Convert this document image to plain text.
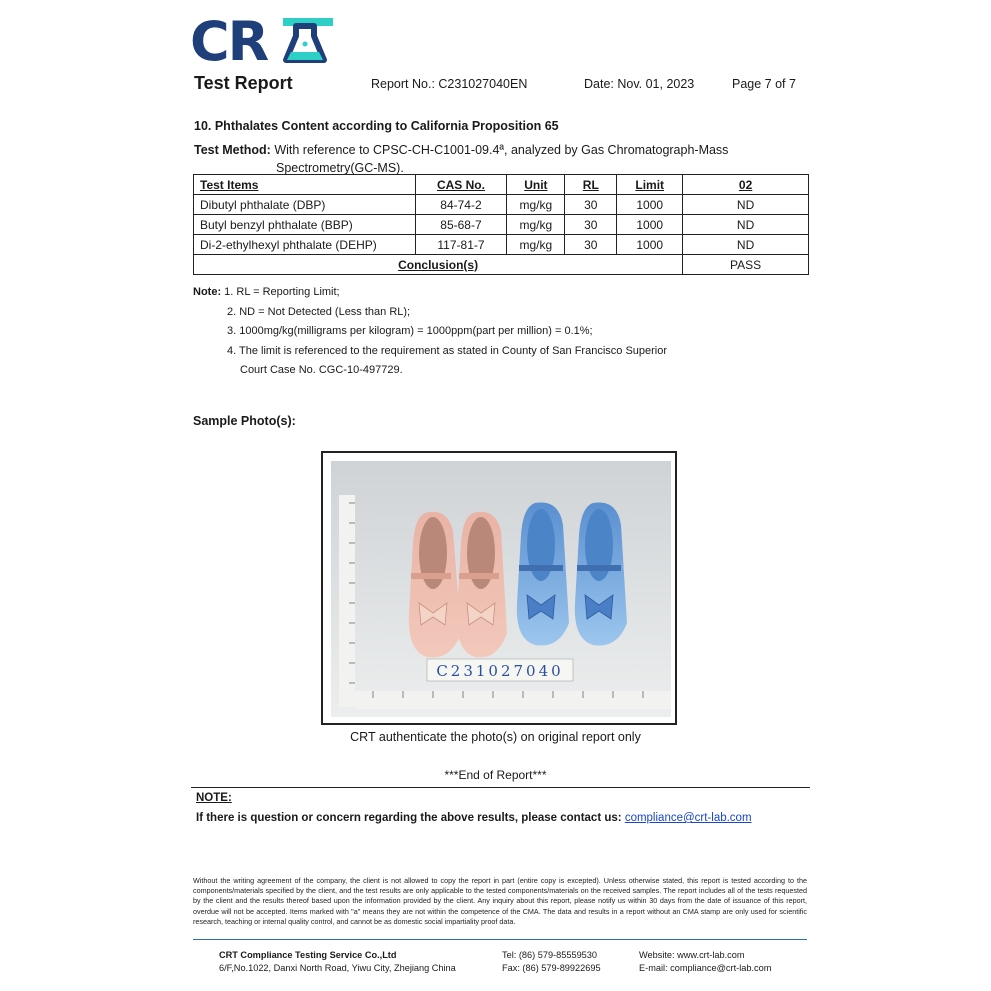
CR
Test Report	Report No.: C231027040EN	Date: Nov. 01, 2023	Page 7 of 7
10. Phthalates Content according to California Proposition 65
Test Method: With reference to CPSC-CH-C1001-09.4ª, analyzed by Gas Chromatograph-Mass
Spectrometry(GC-MS).
Test Items	CAS No.	Unit	RL	Limit	02
Dibutyl phthalate (DBP)	84-74-2	mg/kg	30	1000	ND
Butyl benzyl phthalate (BBP)	85-68-7	mg/kg	30	1000	ND
Di-2-ethylhexyl phthalate (DEHP)	117-81-7	mg/kg	30	1000	ND
Conclusion(s)					PASS
Note: 1. RL = Reporting Limit;
2. ND = Not Detected (Less than RL);
3. 1000mg/kg(milligrams per kilogram) = 1000ppm(part per million) = 0.1%;
4. The limit is referenced to the requirement as stated in County of San Francisco Superior
Court Case No. CGC-10-497729.
Sample Photo(s):
C231027040
CRT authenticate the photo(s) on original report only
***End of Report***
NOTE:
If there is question or concern regarding the above results, please contact us: compliance@crt-lab.com
Without the writing agreement of the company, the client is not allowed to copy the report in part (entire copy is excepted). Unless otherwise stated, this report is tested according to the components/materials specified by the client, and the test results are only applicable to the tested components/materials on the received samples. The report includes all of the tests requested by the client and the results thereof based upon the information provided by the client. Any inquiry about this report, please notify us within 30 days from the date of issuance of this report, overdue will not be accepted. Items marked with "a" means they are not within the competence of the CMA. The data and results in a report without an CMA stamp are only used for scientific research, teaching or internal quality control, and cannot be as domestic social impartiality proof data.
CRT Compliance Testing Service Co.,Ltd
6/F,No.1022, Danxi North Road, Yiwu City, Zhejiang China
Tel: (86) 579-85559530
Fax: (86) 579-89922695
Website: www.crt-lab.com
E-mail: compliance@crt-lab.com
